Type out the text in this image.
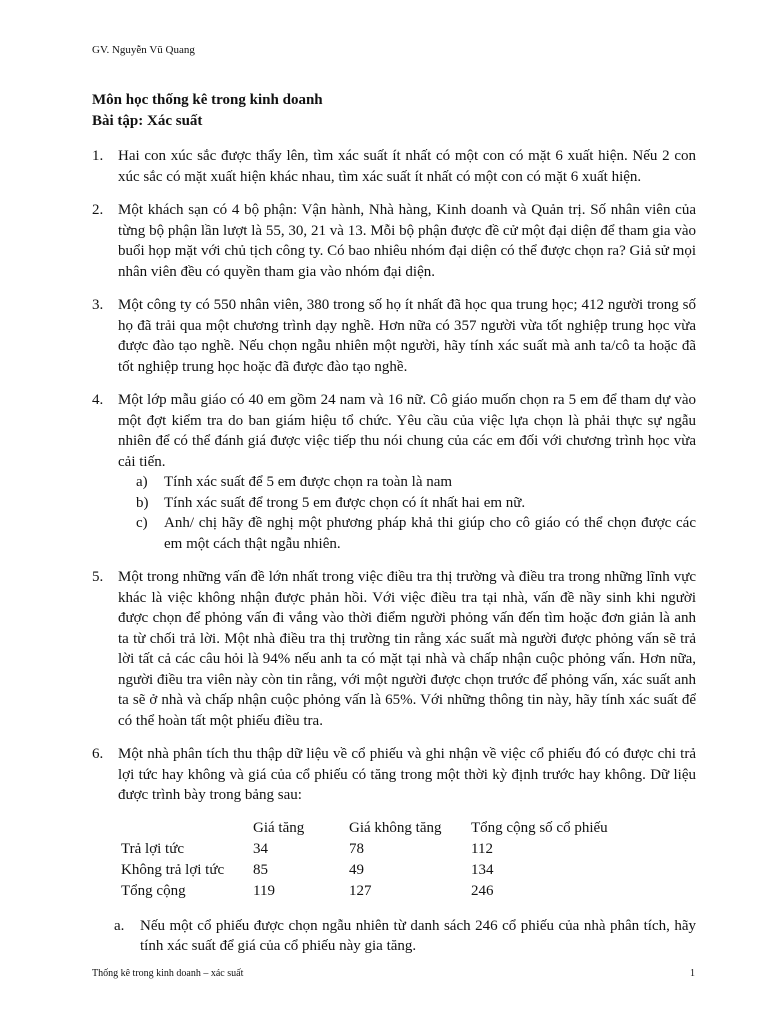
GV. Nguyễn Vũ Quang
Môn học thống kê trong kinh doanh
Bài tập: Xác suất
1. Hai con xúc sắc được thẩy lên, tìm xác suất ít nhất có một con có mặt 6 xuất hiện. Nếu 2 con xúc sắc có mặt xuất hiện khác nhau, tìm xác suất ít nhất có một con có mặt 6 xuất hiện.
2. Một khách sạn có 4 bộ phận: Vận hành, Nhà hàng, Kinh doanh và Quản trị. Số nhân viên của từng bộ phận lần lượt là 55, 30, 21 và 13. Mỗi bộ phận được đề cử một đại diện để tham gia vào buổi họp mặt với chủ tịch công ty. Có bao nhiêu nhóm đại diện có thể được chọn ra? Giả sử mọi nhân viên đều có quyền tham gia vào nhóm đại diện.
3. Một công ty có 550 nhân viên, 380 trong số họ ít nhất đã học qua trung học; 412 người trong số họ đã trải qua một chương trình dạy nghề. Hơn nữa có 357 người vừa tốt nghiệp trung học vừa được đào tạo nghề. Nếu chọn ngẫu nhiên một người, hãy tính xác suất mà anh ta/cô ta hoặc đã tốt nghiệp trung học hoặc đã được đào tạo nghề.
4. Một lớp mẫu giáo có 40 em gồm 24 nam và 16 nữ. Cô giáo muốn chọn ra 5 em để tham dự vào một đợt kiểm tra do ban giám hiệu tổ chức. Yêu cầu của việc lựa chọn là phải thực sự ngẫu nhiên để có thể đánh giá được việc tiếp thu nói chung của các em đối với chương trình học vừa cải tiến.
a)	Tính xác suất để 5 em được chọn ra toàn là nam
b)	Tính xác suất để trong 5 em được chọn có ít nhất hai em nữ.
c)	Anh/ chị hãy đề nghị một phương pháp khả thi giúp cho cô giáo có thể chọn được các em một cách thật ngẫu nhiên.
5. Một trong những vấn đề lớn nhất trong việc điều tra thị trường và điều tra trong những lĩnh vực khác là việc không nhận được phản hồi. Với việc điều tra tại nhà, vấn đề nầy sinh khi người được chọn để phỏng vấn đi vắng vào thời điểm người phỏng vấn đến tìm hoặc đơn giản là anh ta từ chối trả lời. Một nhà điều tra thị trường tin rằng xác suất mà người được phỏng vấn sẽ trả lời tất cả các câu hỏi là 94% nếu anh ta có mặt tại nhà và chấp nhận cuộc phỏng vấn. Hơn nữa, người điều tra viên này còn tin rằng, với một người được chọn trước để phỏng vấn, xác suất anh ta sẽ ở nhà và chấp nhận cuộc phỏng vấn là 65%. Với những thông tin này, hãy tính xác suất để có thể hoàn tất một phiếu điều tra.
6. Một nhà phân tích thu thập dữ liệu về cổ phiếu và ghi nhận về việc cổ phiếu đó có được chi trả lợi tức hay không và giá của cổ phiếu có tăng trong một thời kỳ định trước hay không. Dữ liệu được trình bày trong bảng sau:
	Giá tăng	Giá không tăng	Tổng cộng số cổ phiếu
Trả lợi tức	34	78	112
Không trả lợi tức	85	49	134
Tổng cộng	119	127	246
a.	Nếu một cổ phiếu được chọn ngẫu nhiên từ danh sách 246 cổ phiếu của nhà phân tích, hãy tính xác suất để giá của cổ phiếu này gia tăng.
Thống kê trong kinh doanh – xác suất	1
